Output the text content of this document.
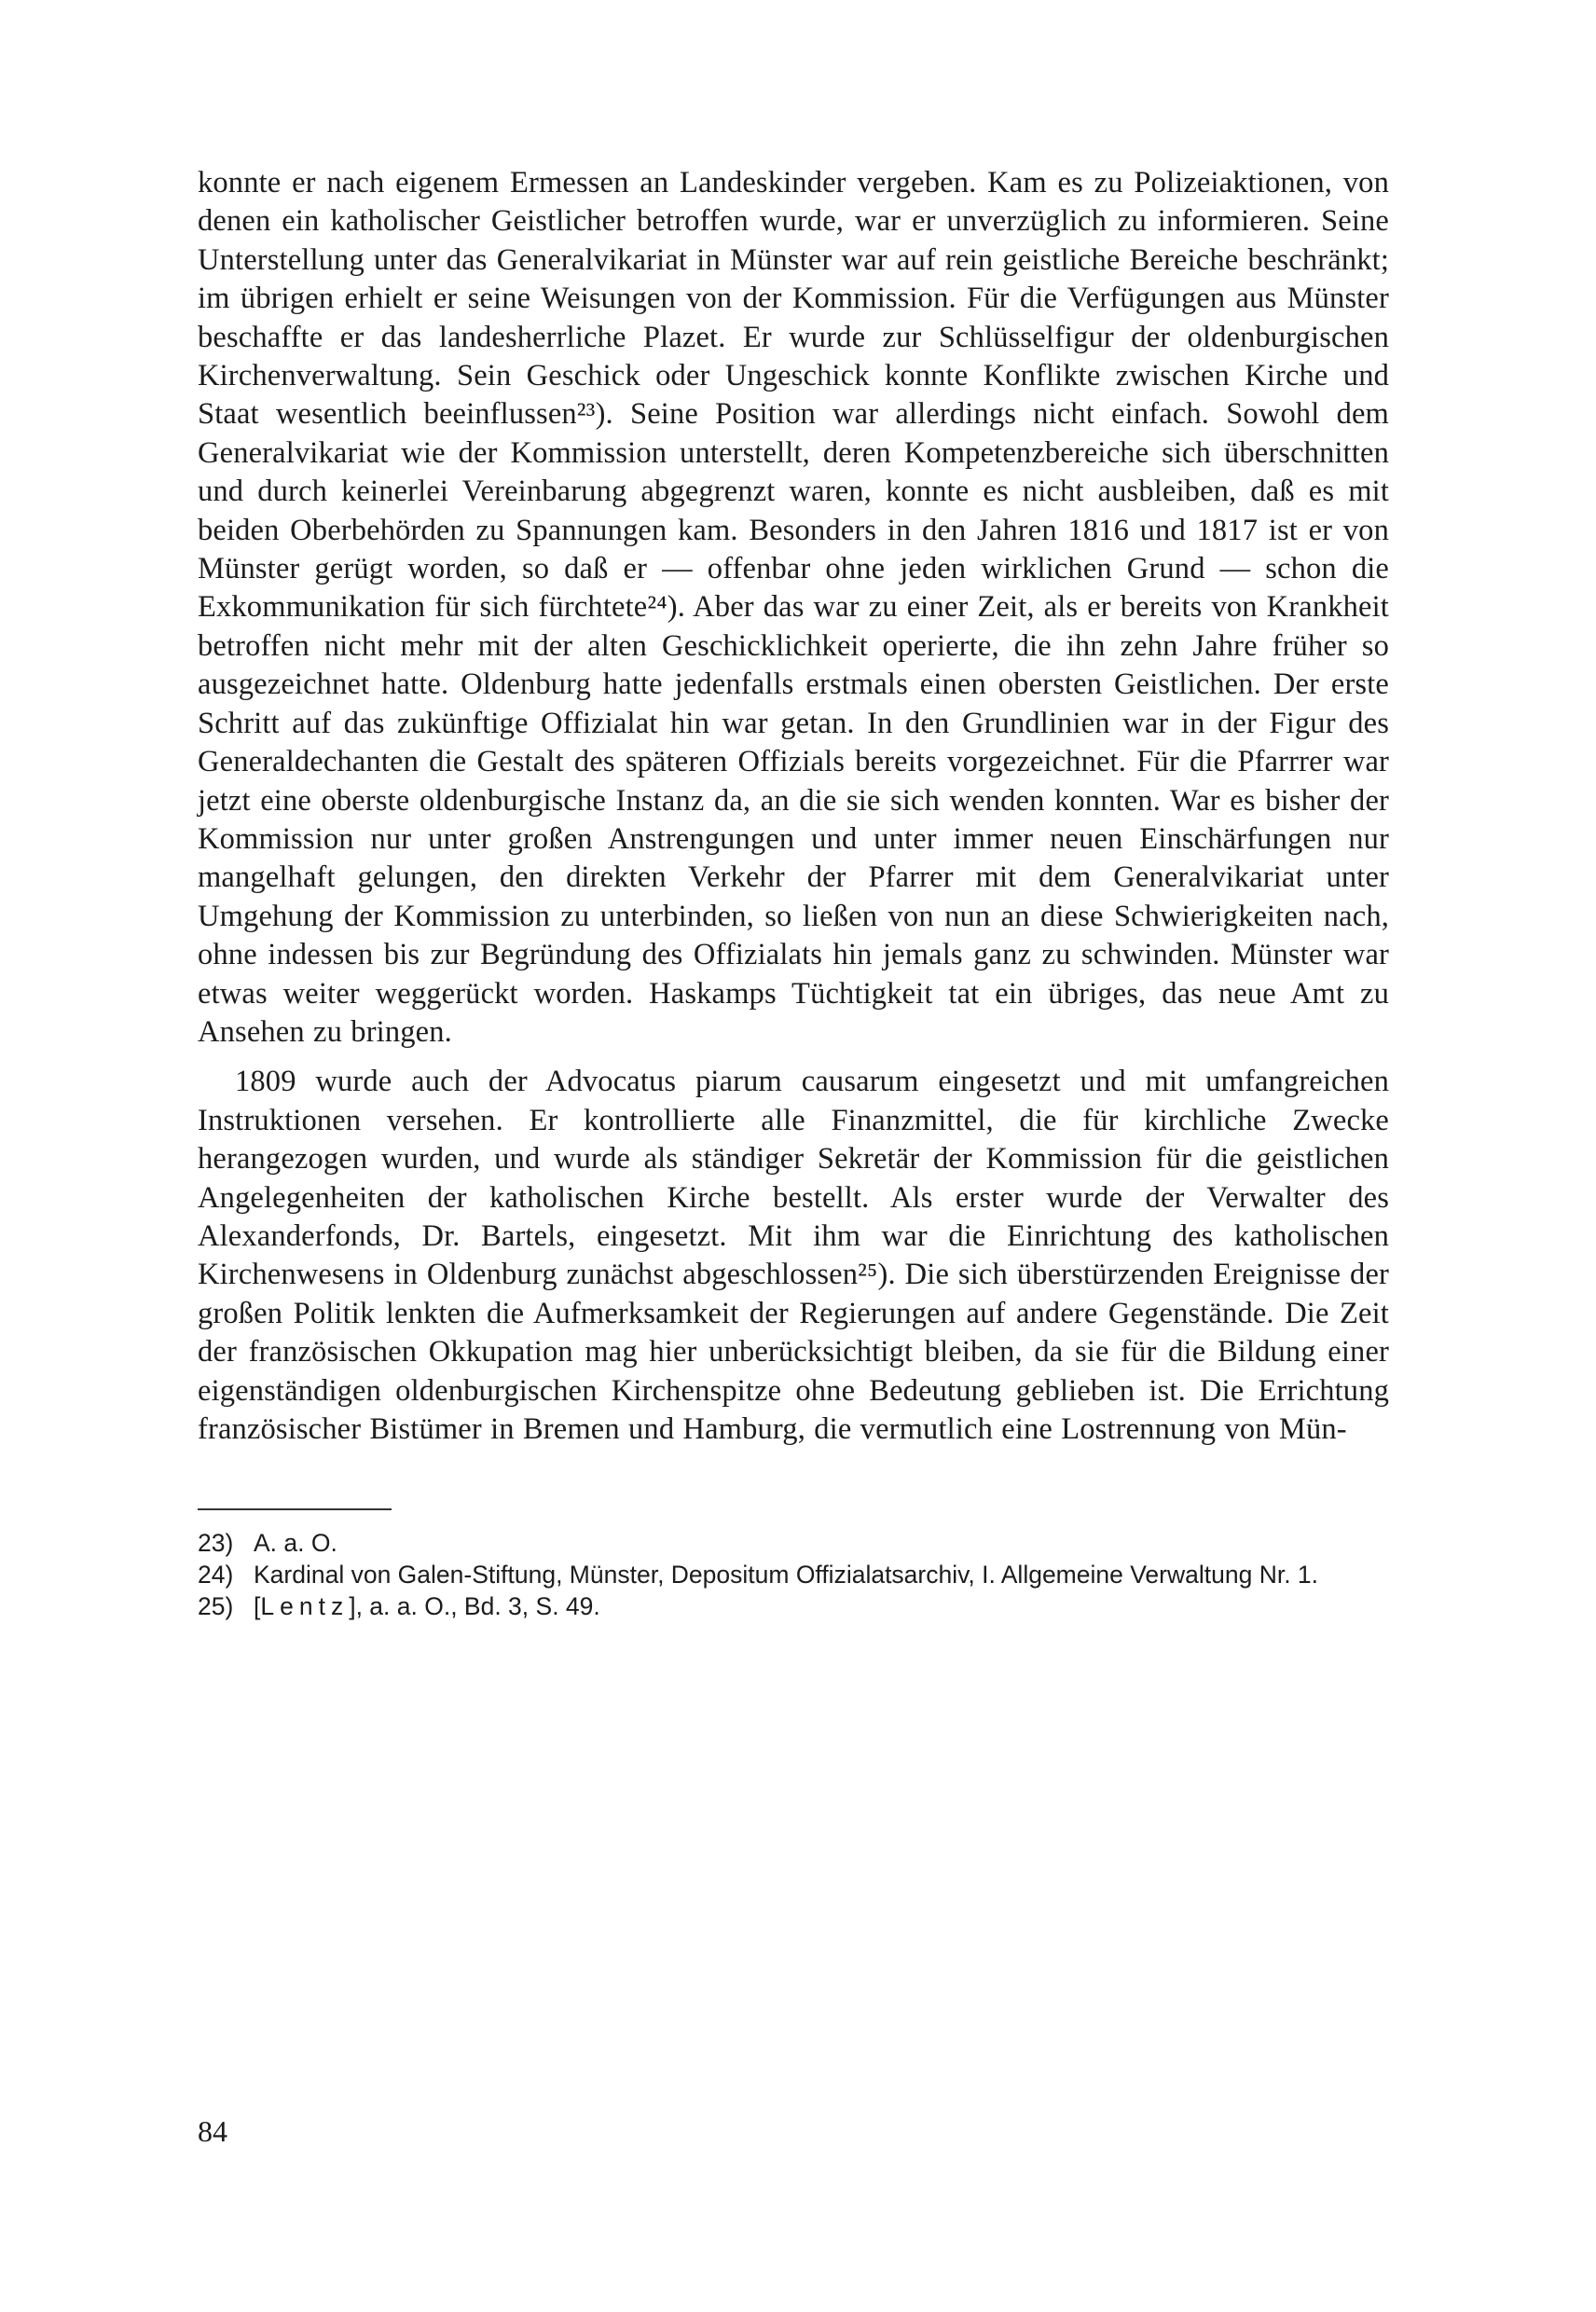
konnte er nach eigenem Ermessen an Landeskinder vergeben. Kam es zu Polizeiaktionen, von denen ein katholischer Geistlicher betroffen wurde, war er unverzüglich zu informieren. Seine Unterstellung unter das Generalvikariat in Münster war auf rein geistliche Bereiche beschränkt; im übrigen erhielt er seine Weisungen von der Kommission. Für die Verfügungen aus Münster beschaffte er das landesherrliche Plazet. Er wurde zur Schlüsselfigur der oldenburgischen Kirchenverwaltung. Sein Geschick oder Ungeschick konnte Konflikte zwischen Kirche und Staat wesentlich beeinflussen²³). Seine Position war allerdings nicht einfach. Sowohl dem Generalvikariat wie der Kommission unterstellt, deren Kompetenzbereiche sich überschnitten und durch keinerlei Vereinbarung abgegrenzt waren, konnte es nicht ausbleiben, daß es mit beiden Oberbehörden zu Spannungen kam. Besonders in den Jahren 1816 und 1817 ist er von Münster gerügt worden, so daß er — offenbar ohne jeden wirklichen Grund — schon die Exkommunikation für sich fürchtete²⁴). Aber das war zu einer Zeit, als er bereits von Krankheit betroffen nicht mehr mit der alten Geschicklichkeit operierte, die ihn zehn Jahre früher so ausgezeichnet hatte. Oldenburg hatte jedenfalls erstmals einen obersten Geistlichen. Der erste Schritt auf das zukünftige Offizialat hin war getan. In den Grundlinien war in der Figur des Generaldechanten die Gestalt des späteren Offizials bereits vorgezeichnet. Für die Pfarrrer war jetzt eine oberste oldenburgische Instanz da, an die sie sich wenden konnten. War es bisher der Kommission nur unter großen Anstrengungen und unter immer neuen Einschärfungen nur mangelhaft gelungen, den direkten Verkehr der Pfarrer mit dem Generalvikariat unter Umgehung der Kommission zu unterbinden, so ließen von nun an diese Schwierigkeiten nach, ohne indessen bis zur Begründung des Offizialats hin jemals ganz zu schwinden. Münster war etwas weiter weggerückt worden. Haskamps Tüchtigkeit tat ein übriges, das neue Amt zu Ansehen zu bringen.

1809 wurde auch der Advocatus piarum causarum eingesetzt und mit umfangreichen Instruktionen versehen. Er kontrollierte alle Finanzmittel, die für kirchliche Zwecke herangezogen wurden, und wurde als ständiger Sekretär der Kommission für die geistlichen Angelegenheiten der katholischen Kirche bestellt. Als erster wurde der Verwalter des Alexanderfonds, Dr. Bartels, eingesetzt. Mit ihm war die Einrichtung des katholischen Kirchenwesens in Oldenburg zunächst abgeschlossen²⁵). Die sich überstürzenden Ereignisse der großen Politik lenkten die Aufmerksamkeit der Regierungen auf andere Gegenstände. Die Zeit der französischen Okkupation mag hier unberücksichtigt bleiben, da sie für die Bildung einer eigenständigen oldenburgischen Kirchenspitze ohne Bedeutung geblieben ist. Die Errichtung französischer Bistümer in Bremen und Hamburg, die vermutlich eine Lostrennung von Mün-

23) A. a. O.
24) Kardinal von Galen-Stiftung, Münster, Depositum Offizialatsarchiv, I. Allgemeine Verwaltung Nr. 1.
25) [Lentz], a. a. O., Bd. 3, S. 49.
84
